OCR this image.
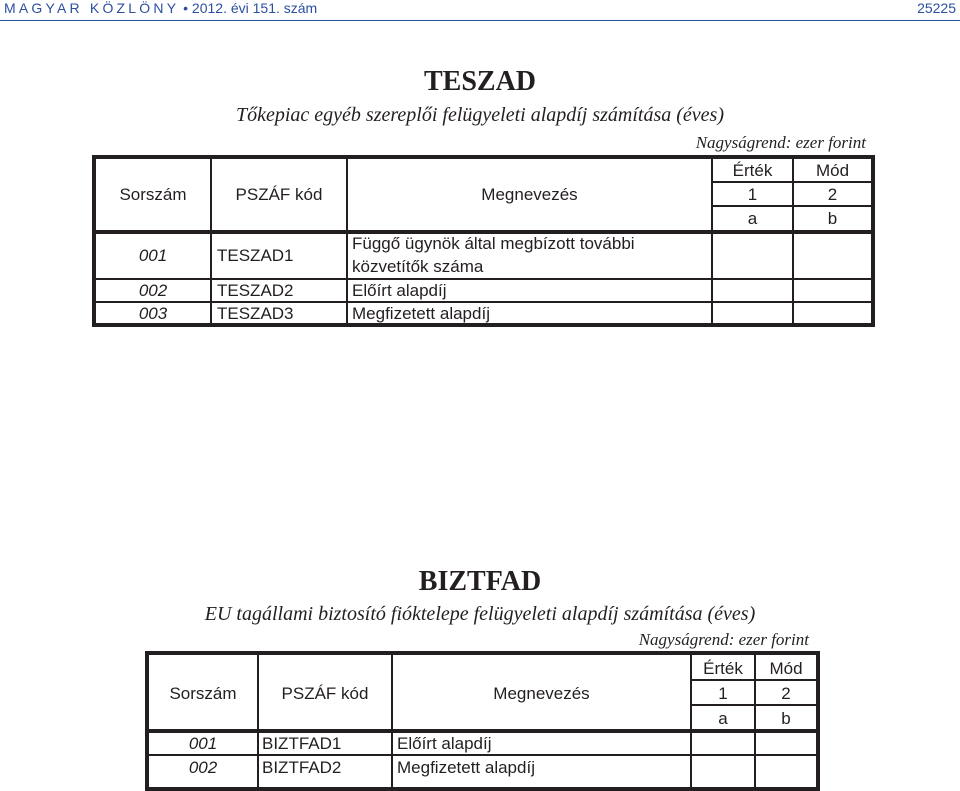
MAGYAR KÖZLÖNY • 2012. évi 151. szám	25225
TESZAD
Tőkepiac egyéb szereplői felügyeleti alapdíj számítása (éves)
Nagyságrend: ezer forint
Sorszám	PSZÁF kód	Megnevezés
Érték	Mód
1	2
a	b
001	TESZAD1
Függő ügynök által megbízott további
közvetítők száma
002	TESZAD2	Előírt alapdíj
003	TESZAD3	Megfizetett alapdíj
BIZTFAD
EU tagállami biztosító fióktelepe felügyeleti alapdíj számítása (éves)
Nagyságrend: ezer forint
Sorszám	PSZÁF kód	Megnevezés
Érték	Mód
1	2
a	b
001	BIZTFAD1	Előírt alapdíj
002	BIZTFAD2	Megfizetett alapdíj
